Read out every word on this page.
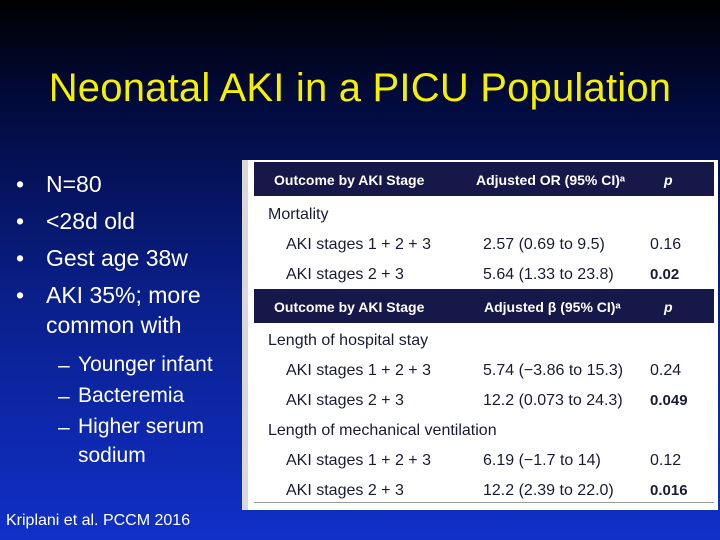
Neonatal AKI in a PICU Population
• N=80
• <28d old
• Gest age 38w
• AKI 35%; more
common with
– Younger infant
– Bacteremia
– Higher serum sodium
Kriplani et al. PCCM 2016
Outcome by AKI Stage	Adjusted OR (95% CI)ᵃ	p
Mortality
AKI stages 1 + 2 + 3	2.57 (0.69 to 9.5)	0.16
AKI stages 2 + 3	5.64 (1.33 to 23.8) 0.02
Outcome by AKI Stage	Adjusted β (95% CI)ᵃ	p
Length of hospital stay
AKI stages 1 + 2 + 3	5.74 (−3.86 to 15.3) 0.24
AKI stages 2 + 3	12.2 (0.073 to 24.3) 0.049
Length of mechanical ventilation
AKI stages 1 + 2 + 3	6.19 (−1.7 to 14)	0.12
AKI stages 2 + 3	12.2 (2.39 to 22.0) 0.016
